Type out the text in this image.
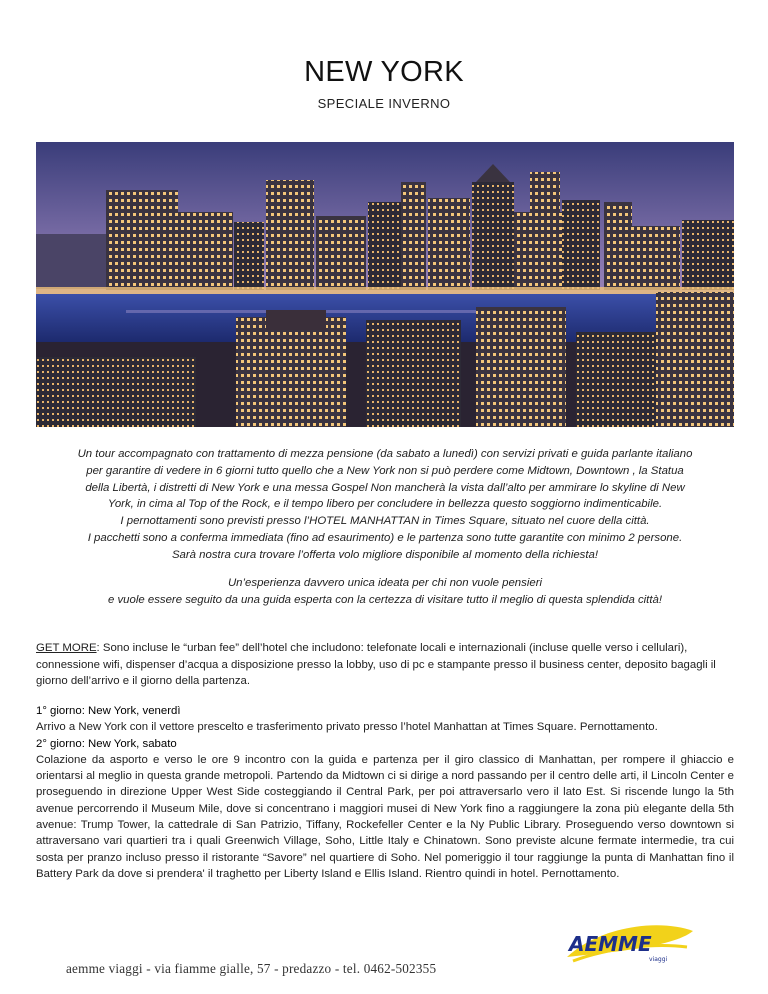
NEW YORK
SPECIALE INVERNO

Un tour accompagnato con trattamento di mezza pensione (da sabato a lunedì) con servizi privati e guida parlante italiano

per garantire di vedere in 6 giorni tutto quello che a New York non si può perdere come Midtown, Downtown , la Statua

della Libertà, i distretti di New York e una messa Gospel Non mancherà la vista dall’alto per ammirare lo skyline di New

York, in cima al Top of the Rock, e il tempo libero per concludere in bellezza questo soggiorno indimenticabile.

I pernottamenti sono previsti presso l’HOTEL MANHATTAN in Times Square, situato nel cuore della città.

I pacchetti sono a conferma immediata (fino ad esaurimento) e le partenza sono tutte garantite con minimo 2 persone.

Sarà nostra cura trovare l’offerta volo migliore disponibile al momento della richiesta!

Un’esperienza davvero unica ideata per chi non vuole pensieri

e vuole essere seguito da una guida esperta con la certezza di visitare tutto il meglio di questa splendida città!

GET MORE: Sono incluse le “urban fee” dell’hotel che includono: telefonate locali e internazionali (incluse quelle verso i cellulari), connessione wifi, dispenser d’acqua a disposizione presso la lobby, uso di pc e stampante presso il business center, deposito bagagli il giorno dell’arrivo e il giorno della partenza.
1° giorno: New York, venerdì
Arrivo a New York con il vettore prescelto e trasferimento privato presso l’hotel Manhattan at Times Square. Pernottamento.
2° giorno: New York, sabato
Colazione da asporto e verso le ore 9 incontro con la guida e partenza per il giro classico di Manhattan, per rompere il ghiaccio e orientarsi al meglio in questa grande metropoli. Partendo da Midtown ci si dirige a nord passando per il centro delle arti, il Lincoln Center e proseguendo in direzione Upper West Side costeggiando il Central Park, per poi attraversarlo vero il lato Est. Si riscende lungo la 5th avenue percorrendo il Museum Mile, dove si concentrano i maggiori musei di New York fino a raggiungere la zona più elegante della 5th avenue: Trump Tower, la cattedrale di San Patrizio, Tiffany, Rockefeller Center e la Ny Public Library. Proseguendo verso downtown si attraversano vari quartieri tra i quali Greenwich Village, Soho, Little Italy e Chinatown. Sono previste alcune fermate intermedie, tra cui sosta per pranzo incluso presso il ristorante “Savore” nel quartiere di Soho. Nel pomeriggio il tour raggiunge la punta di Manhattan fino il Battery Park da dove si prendera' il traghetto per Liberty Island e Ellis Island. Rientro quindi in hotel. Pernottamento.
AEMME
viaggi
aemme viaggi - via fiamme gialle, 57 - predazzo - tel. 0462-502355
